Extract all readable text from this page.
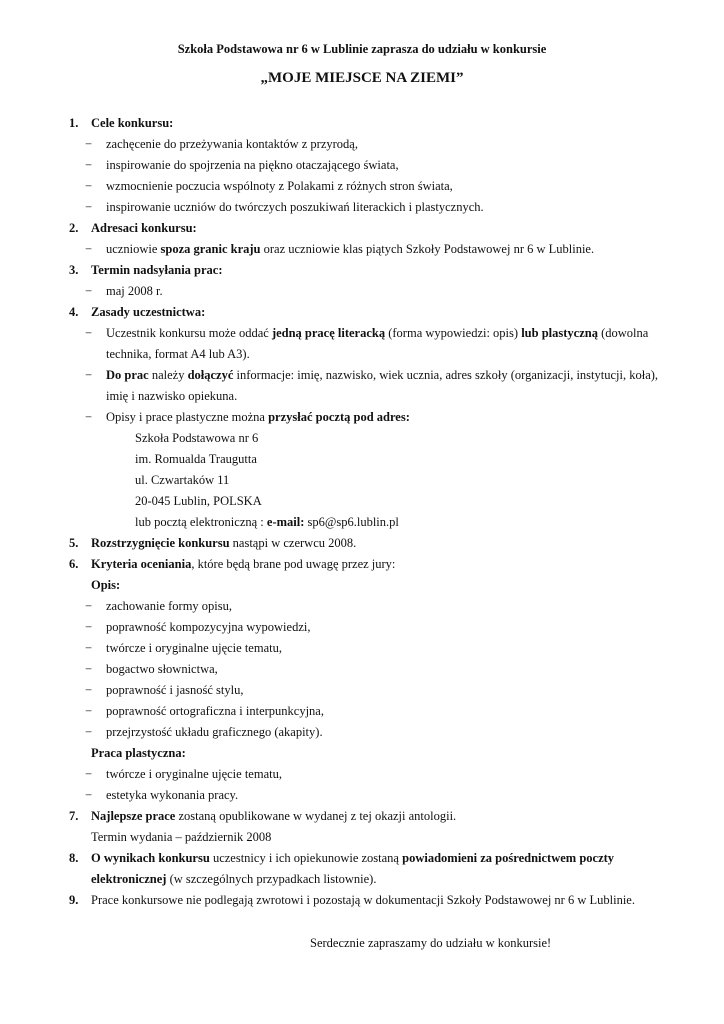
Szkoła Podstawowa nr 6 w Lublinie zaprasza do udziału w konkursie
„MOJE MIEJSCE NA ZIEMI”
1. Cele konkursu:
− zachęcenie do przeżywania kontaktów z przyrodą,
− inspirowanie do spojrzenia na piękno otaczającego świata,
− wzmocnienie poczucia wspólnoty z Polakami z różnych stron świata,
− inspirowanie uczniów do twórczych poszukiwań literackich i plastycznych.
2. Adresaci konkursu:
− uczniowie spoza granic kraju oraz uczniowie klas piątych Szkoły Podstawowej nr 6 w Lublinie.
3. Termin nadsyłania prac:
− maj 2008 r.
4. Zasady uczestnictwa:
− Uczestnik konkursu może oddać jedną pracę literacką (forma wypowiedzi: opis) lub plastyczną (dowolna
technika, format A4 lub A3).
− Do prac należy dołączyć informacje: imię, nazwisko, wiek ucznia, adres szkoły (organizacji, instytucji, koła),
imię i nazwisko opiekuna.
− Opisy i prace plastyczne można przysłać pocztą pod adres:
Szkoła Podstawowa nr 6
im. Romualda Traugutta
ul. Czwartaków 11
20-045 Lublin, POLSKA
lub pocztą elektroniczną : e-mail: sp6@sp6.lublin.pl
5. Rozstrzygnięcie konkursu nastąpi w czerwcu 2008.
6. Kryteria oceniania, które będą brane pod uwagę przez jury:
Opis:
− zachowanie formy opisu,
− poprawność kompozycyjna wypowiedzi,
− twórcze i oryginalne ujęcie tematu,
− bogactwo słownictwa,
− poprawność i jasność stylu,
− poprawność ortograficzna i interpunkcyjna,
− przejrzystość układu graficznego (akapity).
Praca plastyczna:
− twórcze i oryginalne ujęcie tematu,
− estetyka wykonania pracy.
7. Najlepsze prace zostaną opublikowane w wydanej z tej okazji antologii.
Termin wydania – październik 2008
8. O wynikach konkursu uczestnicy i ich opiekunowie zostaną powiadomieni za pośrednictwem poczty
elektronicznej (w szczególnych przypadkach listownie).
9. Prace konkursowe nie podlegają zwrotowi i pozostają w dokumentacji Szkoły Podstawowej nr 6 w Lublinie.
Serdecznie zapraszamy do udziału w konkursie!
